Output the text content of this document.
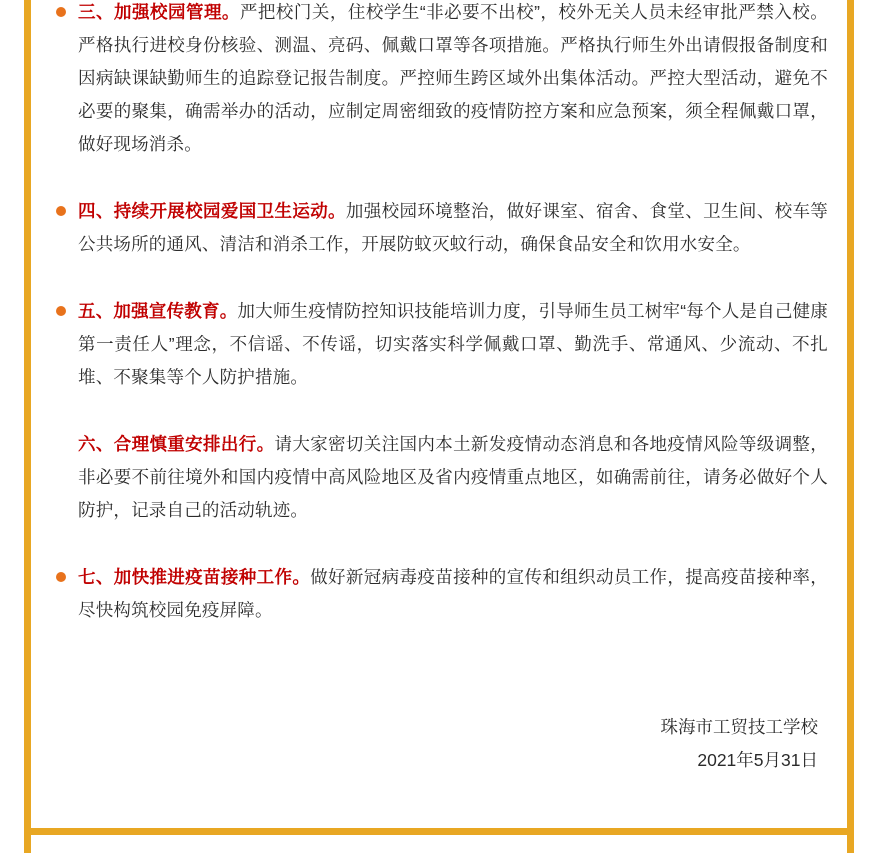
三、加强校园管理。严把校门关，住校学生“非必要不出校”，校外无关人员未经审批严禁入校。严格执行进校身份核验、测温、亮码、佩戴口罩等各项措施。严格执行师生外出请假报备制度和因病缺课缺勤师生的追踪登记报告制度。严控师生跨区域外出集体活动。严控大型活动，避免不必要的聚集，确需举办的活动，应制定周密细致的疫情防控方案和应急预案，须全程佩戴口罩，做好现场消杀。

四、持续开展校园爱国卫生运动。加强校园环境整治，做好课室、宿舍、食堂、卫生间、校车等公共场所的通风、清洁和消杀工作，开展防蚊灭蚊行动，确保食品安全和饮用水安全。

五、加强宣传教育。加大师生疫情防控知识技能培训力度，引导师生员工树牢“每个人是自己健康第一责任人”理念，不信谣、不传谣，切实落实科学佩戴口罩、勤洗手、常通风、少流动、不扎堆、不聚集等个人防护措施。

六、合理慎重安排出行。请大家密切关注国内本土新发疫情动态消息和各地疫情风险等级调整，非必要不前往境外和国内疫情中高风险地区及省内疫情重点地区，如确需前往，请务必做好个人防护，记录自己的活动轨迹。

七、加快推进疫苗接种工作。做好新冠病毒疫苗接种的宣传和组织动员工作，提高疫苗接种率，尽快构筑校园免疫屏障。

珠海市工贸技工学校
2021年5月31日
